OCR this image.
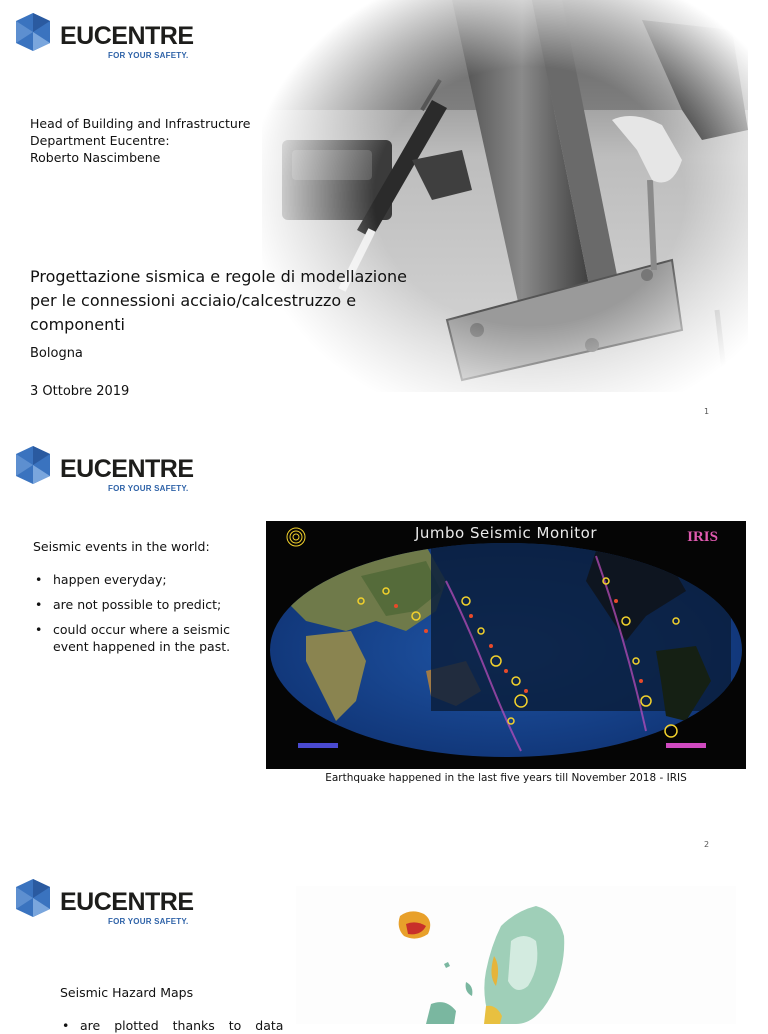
EUCENTRE
FOR YOUR SAFETY.
Head of Building and Infrastructure
Department Eucentre:
Roberto Nascimbene
Progettazione sismica e regole di modellazione
per le connessioni acciaio/calcestruzzo e
componenti
Bologna
3 Ottobre 2019
1
EUCENTRE
FOR YOUR SAFETY.
Seismic events in the world:
• happen everyday;
• are not possible to predict;
• could occur where a seismic event happened in the past.
Jumbo Seismic Monitor	IRIS
Earthquake happened in the last five years till November 2018 - IRIS
2
EUCENTRE
FOR YOUR SAFETY.
Seismic Hazard Maps
• are plotted thanks to data
